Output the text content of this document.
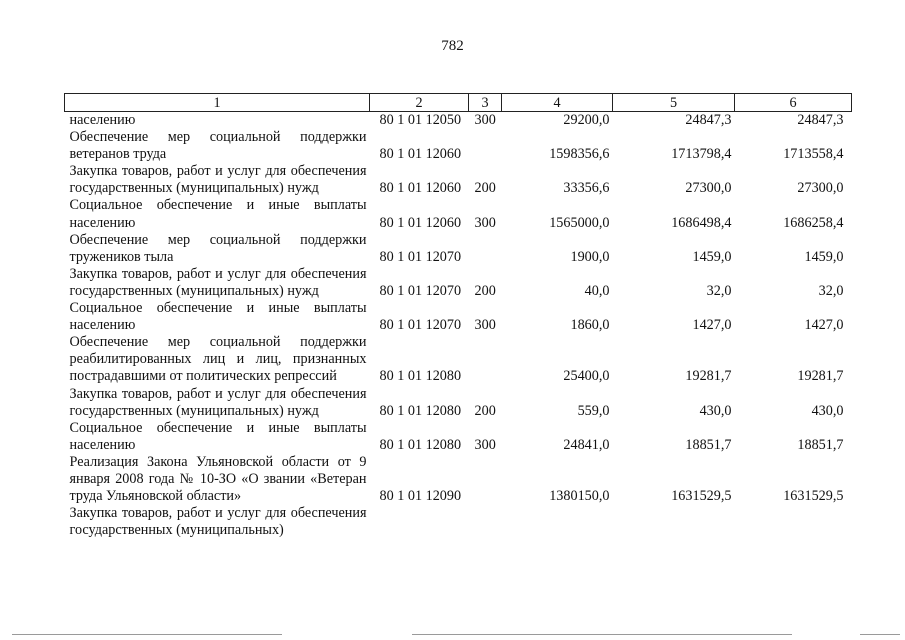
782
1	2	3	4	5	6
населению	80 1 01 12050	300	29200,0	24847,3	24847,3
Обеспечение мер социальной поддержки ветеранов труда	80 1 01 12060		1598356,6	1713798,4	1713558,4
Закупка товаров, работ и услуг для обеспечения государственных (муниципальных) нужд	80 1 01 12060	200	33356,6	27300,0	27300,0
Социальное обеспечение и иные выплаты населению	80 1 01 12060	300	1565000,0	1686498,4	1686258,4
Обеспечение мер социальной поддержки тружеников тыла	80 1 01 12070		1900,0	1459,0	1459,0
Закупка товаров, работ и услуг для обеспечения государственных (муниципальных) нужд	80 1 01 12070	200	40,0	32,0	32,0
Социальное обеспечение и иные выплаты населению	80 1 01 12070	300	1860,0	1427,0	1427,0
Обеспечение мер социальной поддержки реабилитированных лиц и лиц, признанных пострадавшими от политических репрессий	80 1 01 12080		25400,0	19281,7	19281,7
Закупка товаров, работ и услуг для обеспечения государственных (муниципальных) нужд	80 1 01 12080	200	559,0	430,0	430,0
Социальное обеспечение и иные выплаты населению	80 1 01 12080	300	24841,0	18851,7	18851,7
Реализация Закона Ульяновской области от 9 января 2008 года № 10-ЗО «О звании «Ветеран труда Ульяновской области»	80 1 01 12090		1380150,0	1631529,5	1631529,5
Закупка товаров, работ и услуг для обеспечения государственных (муниципальных)					
